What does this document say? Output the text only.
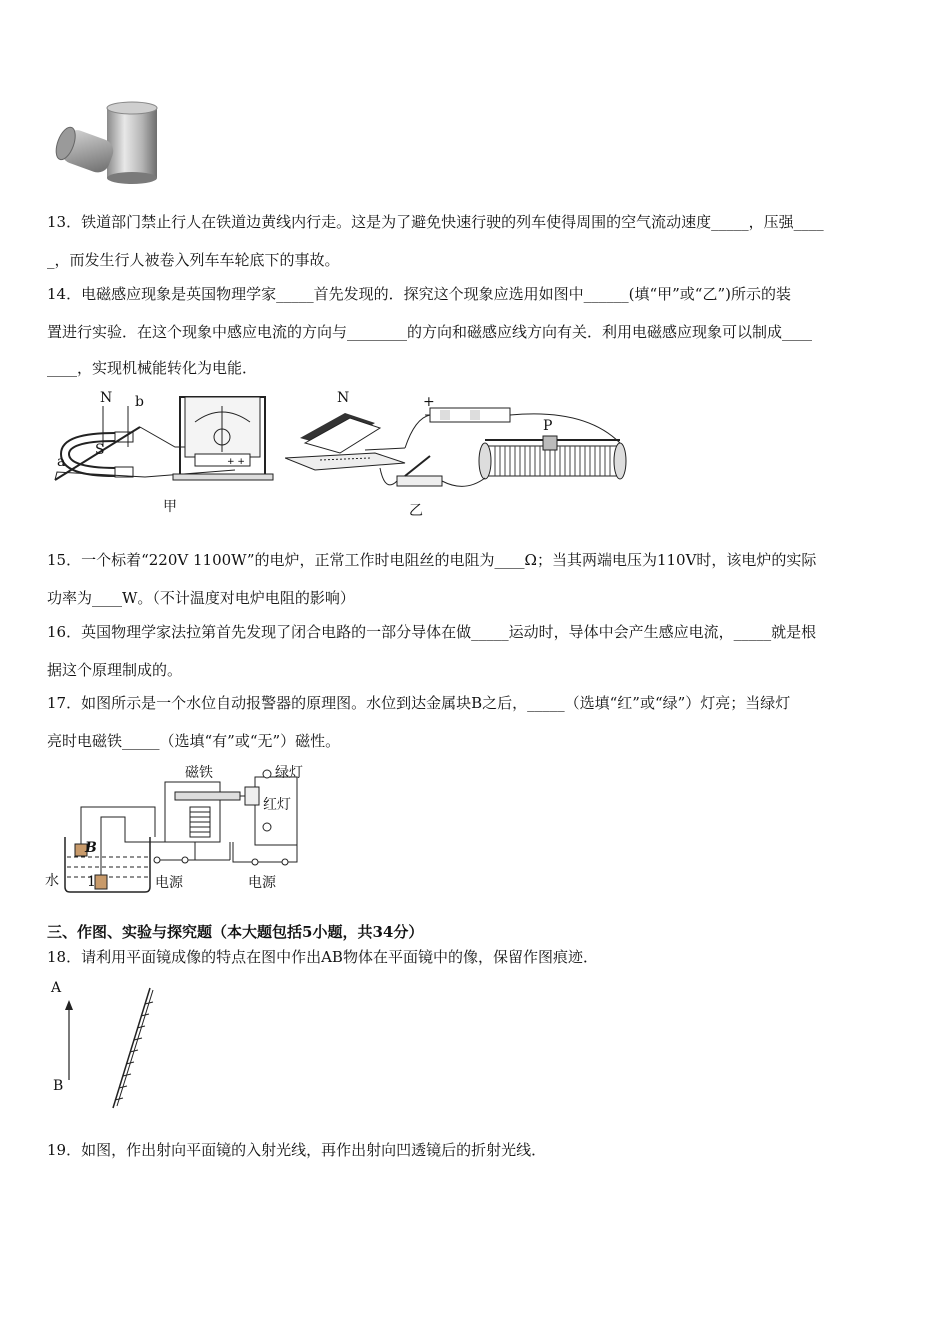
13．铁道部门禁止行人在铁道边黄线内行走。这是为了避免快速行驶的列车使得周围的空气流动速度_____，压强____
_，而发生行人被卷入列车车轮底下的事故。
14．电磁感应现象是英国物理学家_____首先发现的．探究这个现象应选用如图中______(填“甲”或“乙”)所示的装
置进行实验．在这个现象中感应电流的方向与________的方向和磁感应线方向有关．利用电磁感应现象可以制成____
____，实现机械能转化为电能．
+ +
N b
S
a
甲
N	+
P
乙
15．一个标着“220V 1100W”的电炉，正常工作时电阻丝的电阻为____Ω；当其两端电压为110V时，该电炉的实际
功率为____W。（不计温度对电炉电阻的影响）
16．英国物理学家法拉第首先发现了闭合电路的一部分导体在做_____运动时，导体中会产生感应电流，_____就是根
据这个原理制成的。
17．如图所示是一个水位自动报警器的原理图。水位到达金属块B之后，_____（选填“红”或“绿”）灯亮；当绿灯
亮时电磁铁_____（选填“有”或“无”）磁性。
磁铁	绿灯
红灯
B
1
水	电源	电源
三、作图、实验与探究题（本大题包括5小题，共34分）
18．请利用平面镜成像的特点在图中作出AB物体在平面镜中的像，保留作图痕迹．
A
B
19．如图，作出射向平面镜的入射光线，再作出射向凹透镜后的折射光线．
